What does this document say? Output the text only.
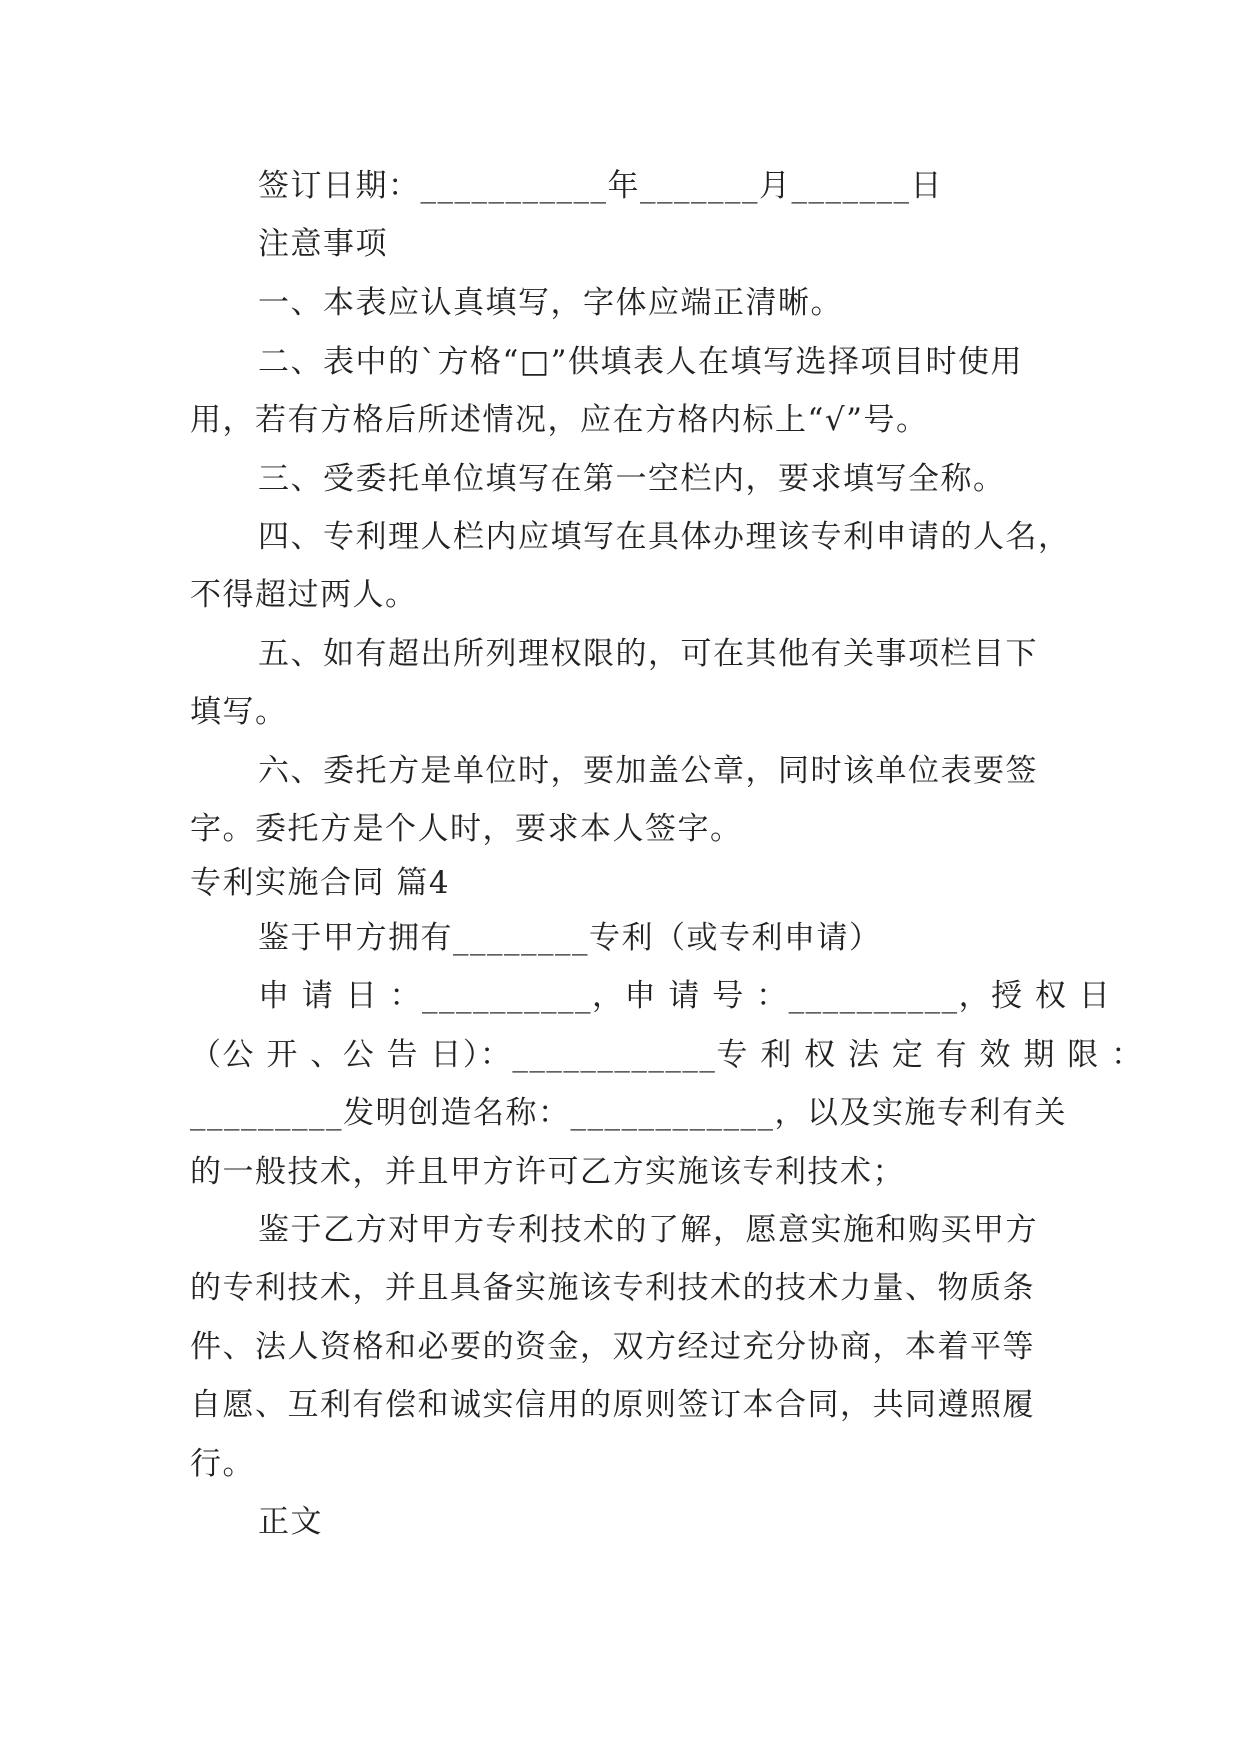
签订日期：___________年_______月_______日
注意事项
一、本表应认真填写，字体应端正清晰。
二、表中的`方格“□”供填表人在填写选择项目时使用
用，若有方格后所述情况，应在方格内标上“√”号。
三、受委托单位填写在第一空栏内，要求填写全称。
四、专利理人栏内应填写在具体办理该专利申请的人名，
不得超过两人。
五、如有超出所列理权限的，可在其他有关事项栏目下
填写。
六、委托方是单位时，要加盖公章，同时该单位表要签
字。委托方是个人时，要求本人签字。
专利实施合同 篇4
鉴于甲方拥有________专利（或专利申请）
申 请 日 ：__________，申 请 号 ：__________，授 权 日
（公 开 、公 告 日）：____________专 利 权 法 定 有 效 期 限 ：
_________发明创造名称：____________，以及实施专利有关
的一般技术，并且甲方许可乙方实施该专利技术；
鉴于乙方对甲方专利技术的了解，愿意实施和购买甲方
的专利技术，并且具备实施该专利技术的技术力量、物质条
件、法人资格和必要的资金，双方经过充分协商，本着平等
自愿、互利有偿和诚实信用的原则签订本合同，共同遵照履
行。
正文
